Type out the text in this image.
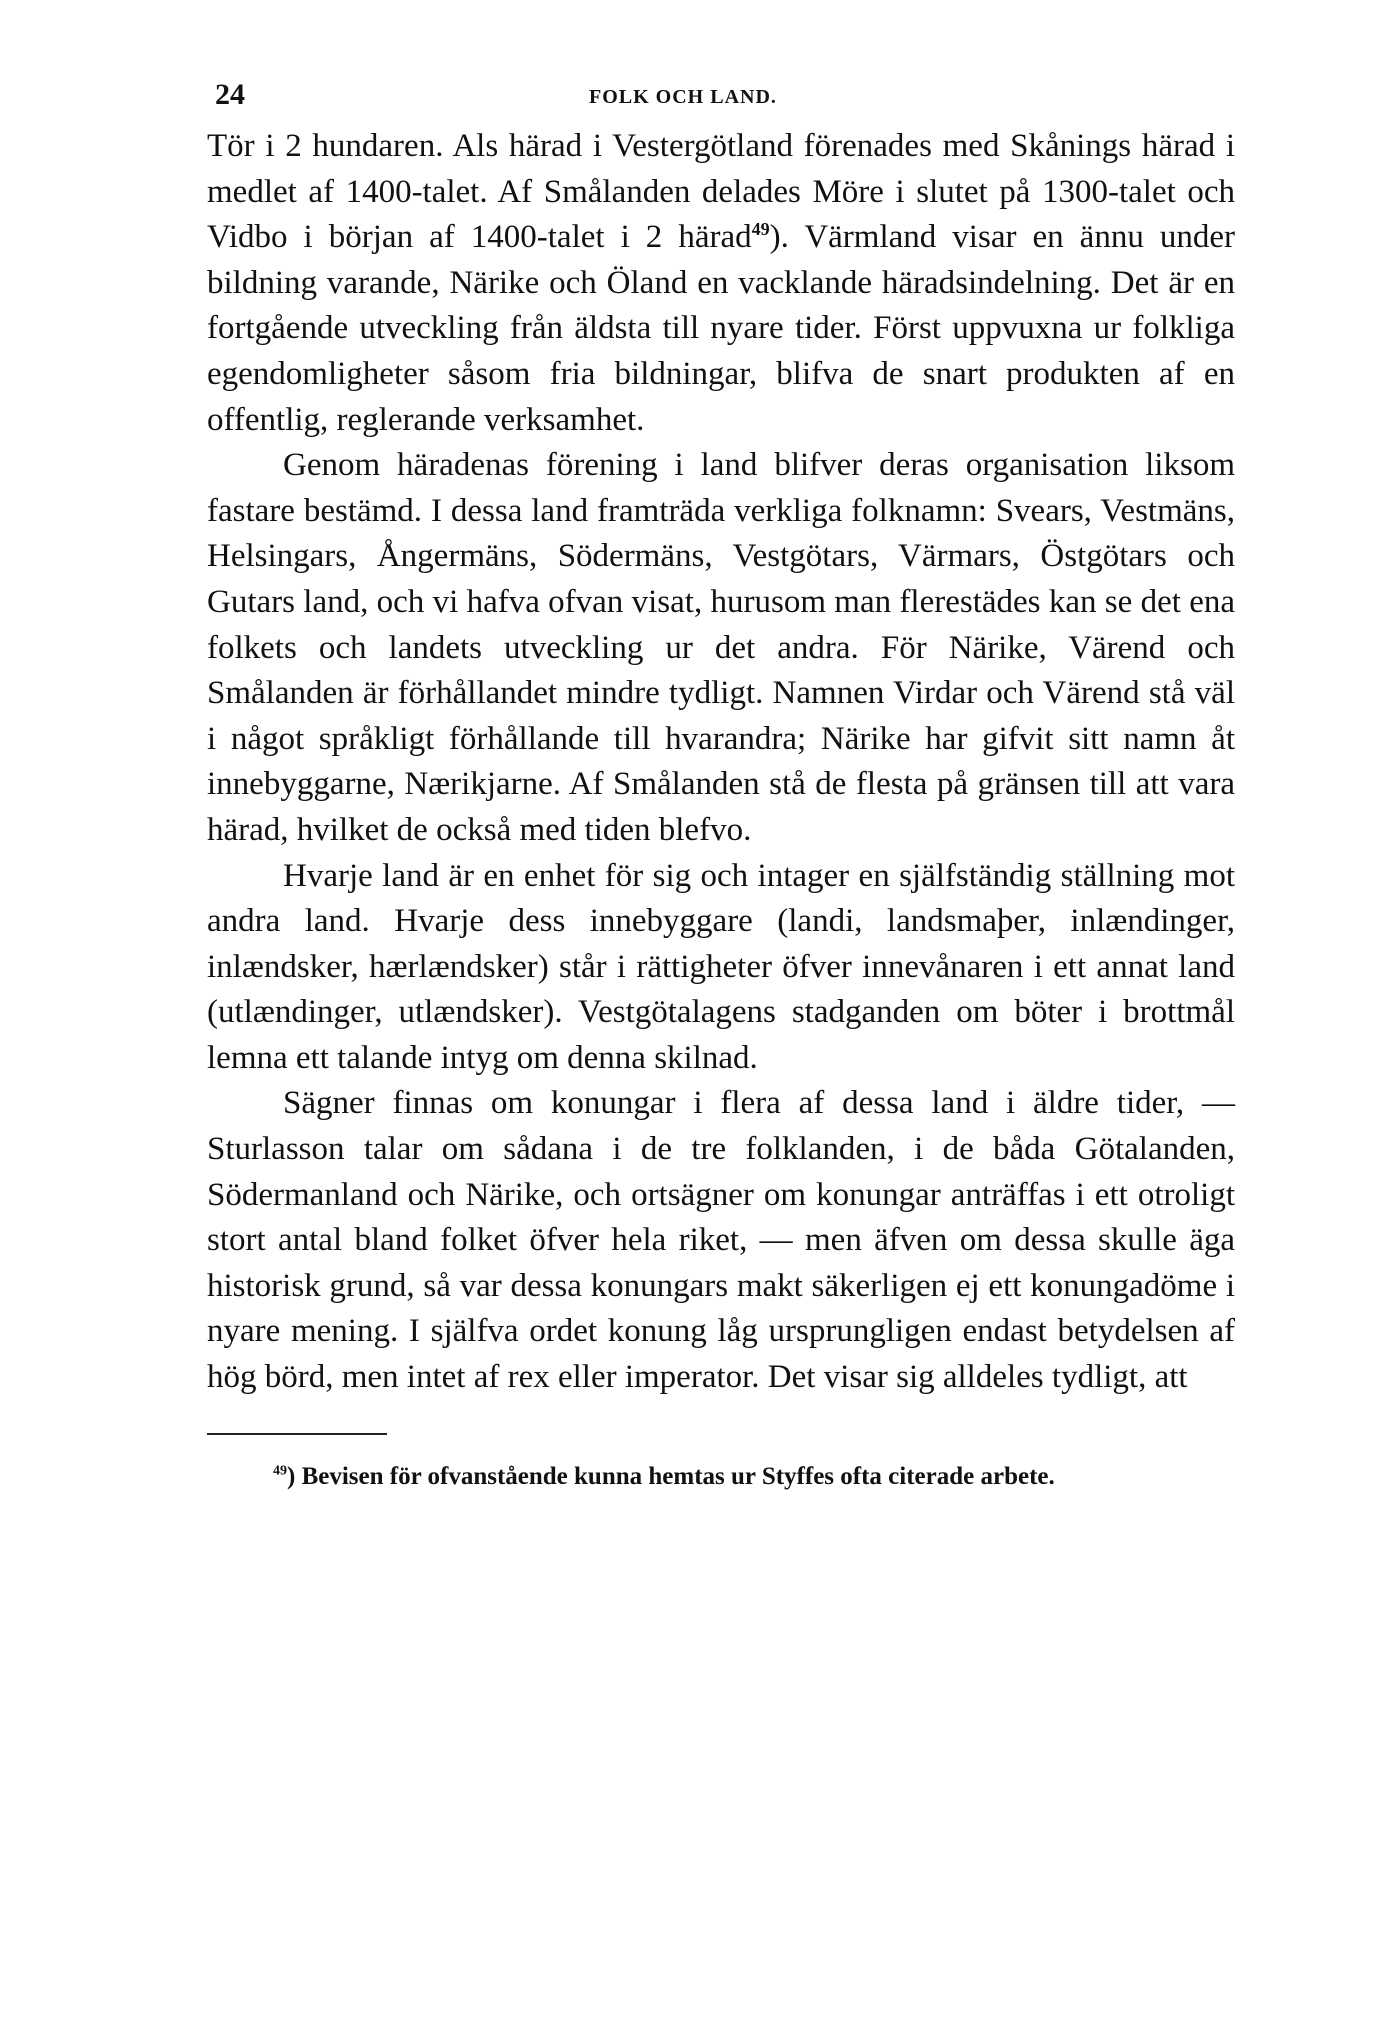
24	FOLK OCH LAND.

Tör i 2 hundaren. Als härad i Vestergötland förenades med Skånings härad i medlet af 1400-talet. Af Smålanden delades Möre i slutet på 1300-talet och Vidbo i början af 1400-talet i 2 härad$^{49}$). Värmland visar en ännu under bildning varande, Närike och Öland en vacklande häradsindelning. Det är en fortgående utveckling från äldsta till nyare tider. Först uppvuxna ur folkliga egendomligheter såsom fria bildningar, blifva de snart produkten af en offentlig, reglerande verksamhet.

Genom häradenas förening i land blifver deras organisation liksom fastare bestämd. I dessa land framträda verkliga folknamn: Svears, Vestmäns, Helsingars, Ångermäns, Södermäns, Vestgötars, Värmars, Östgötars och Gutars land, och vi hafva ofvan visat, hurusom man flerestädes kan se det ena folkets och landets utveckling ur det andra. För Närike, Värend och Smålanden är förhållandet mindre tydligt. Namnen Virdar och Värend stå väl i något språkligt förhållande till hvarandra; Närike har gifvit sitt namn åt innebyggarne, Nærikjarne. Af Smålanden stå de flesta på gränsen till att vara härad, hvilket de också med tiden blefvo.

Hvarje land är en enhet för sig och intager en själfständig ställning mot andra land. Hvarje dess innebyggare (landi, landsmaþer, inlændinger, inlændsker, hærlændsker) står i rättigheter öfver innevånaren i ett annat land (utlændinger, utlændsker). Vestgötalagens stadganden om böter i brottmål lemna ett talande intyg om denna skilnad.

Sägner finnas om konungar i flera af dessa land i äldre tider, — Sturlasson talar om sådana i de tre folklanden, i de båda Götalanden, Södermanland och Närike, och ortsägner om konungar anträffas i ett otroligt stort antal bland folket öfver hela riket, — men äfven om dessa skulle äga historisk grund, så var dessa konungars makt säkerligen ej ett konungadöme i nyare mening. I själfva ordet konung låg ursprungligen endast betydelsen af hög börd, men intet af rex eller imperator. Det visar sig alldeles tydligt, att

$^{49}$) Bevisen för ofvanstående kunna hemtas ur Styffes ofta citerade arbete.
